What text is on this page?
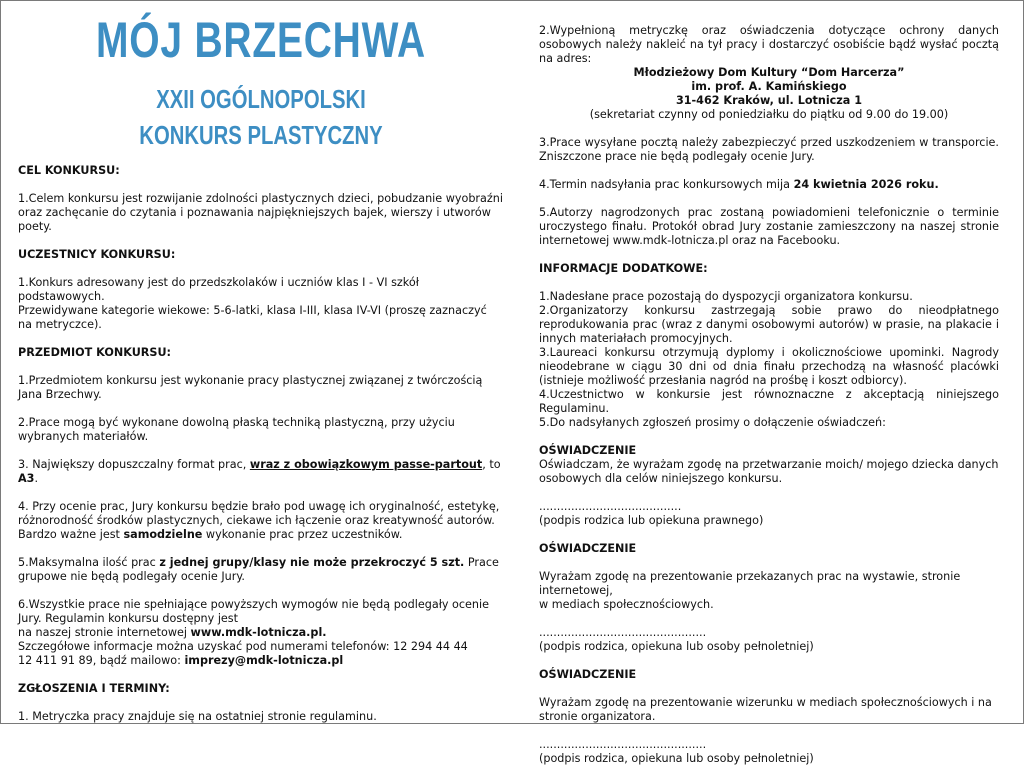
MÓJ BRZECHWA
XXII OGÓLNOPOLSKI
KONKURS PLASTYCZNY

CEL KONKURSU:

1.Celem konkursu jest rozwijanie zdolności plastycznych dzieci, pobudzanie wyobraźni oraz zachęcanie do czytania i poznawania najpiękniejszych bajek, wierszy i utworów poety.

UCZESTNICY KONKURSU:

1.Konkurs adresowany jest do przedszkolaków i uczniów klas I - VI szkół podstawowych.

Przewidywane kategorie wiekowe: 5-6-latki, klasa I-III, klasa IV-VI (proszę zaznaczyć na metryczce).

PRZEDMIOT KONKURSU:

1.Przedmiotem konkursu jest wykonanie pracy plastycznej związanej z twórczością Jana Brzechwy.

2.Prace mogą być wykonane dowolną płaską techniką plastyczną, przy użyciu wybranych materiałów.

3. Największy dopuszczalny format prac, wraz z obowiązkowym passe-partout, to A3.

4. Przy ocenie prac, Jury konkursu będzie brało pod uwagę ich oryginalność, estetykę, różnorodność środków plastycznych, ciekawe ich łączenie oraz kreatywność autorów. Bardzo ważne jest samodzielne wykonanie prac przez uczestników.

5.Maksymalna ilość prac z jednej grupy/klasy nie może przekroczyć 5 szt. Prace grupowe nie będą podlegały ocenie Jury.

6.Wszystkie prace nie spełniające powyższych wymogów nie będą podlegały ocenie Jury. Regulamin konkursu dostępny jest

na naszej stronie internetowej www.mdk-lotnicza.pl.

Szczegółowe informacje można uzyskać pod numerami telefonów: 12 294 44 44

12 411 91 89, bądź mailowo: imprezy@mdk-lotnicza.pl

ZGŁOSZENIA I TERMINY:

1. Metryczka pracy znajduje się na ostatniej stronie regulaminu.

2.Wypełnioną metryczkę oraz oświadczenia dotyczące ochrony danych osobowych należy nakleić na tył pracy i dostarczyć osobiście bądź wysłać pocztą na adres:

Młodzieżowy Dom Kultury “Dom Harcerza”

im. prof. A. Kamińskiego

31-462 Kraków, ul. Lotnicza 1

(sekretariat czynny od poniedziałku do piątku od 9.00 do 19.00)

3.Prace wysyłane pocztą należy zabezpieczyć przed uszkodzeniem w transporcie. Zniszczone prace nie będą podlegały ocenie Jury.

4.Termin nadsyłania prac konkursowych mija 24 kwietnia 2026 roku.

5.Autorzy nagrodzonych prac zostaną powiadomieni telefonicznie o terminie uroczystego finału. Protokół obrad Jury zostanie zamieszczony na naszej stronie internetowej www.mdk-lotnicza.pl oraz na Facebooku.

INFORMACJE DODATKOWE:

1.Nadesłane prace pozostają do dyspozycji organizatora konkursu.

2.Organizatorzy konkursu zastrzegają sobie prawo do nieodpłatnego reprodukowania prac (wraz z danymi osobowymi autorów) w prasie, na plakacie i innych materiałach promocyjnych.

3.Laureaci konkursu otrzymują dyplomy i okolicznościowe upominki. Nagrody nieodebrane w ciągu 30 dni od dnia finału przechodzą na własność placówki (istnieje możliwość przesłania nagród na prośbę i koszt odbiorcy).

4.Uczestnictwo w konkursie jest równoznaczne z akceptacją niniejszego Regulaminu.

5.Do nadsyłanych zgłoszeń prosimy o dołączenie oświadczeń:

OŚWIADCZENIE

Oświadczam, że wyrażam zgodę na przetwarzanie moich/ mojego dziecka danych osobowych dla celów niniejszego konkursu.

........................................

(podpis rodzica lub opiekuna prawnego)

OŚWIADCZENIE

Wyrażam zgodę na prezentowanie przekazanych prac na wystawie, stronie internetowej,

w mediach społecznościowych.

...............................................

(podpis rodzica, opiekuna lub osoby pełnoletniej)

OŚWIADCZENIE

Wyrażam zgodę na prezentowanie wizerunku w mediach społecznościowych i na stronie organizatora.

...............................................

(podpis rodzica, opiekuna lub osoby pełnoletniej)
